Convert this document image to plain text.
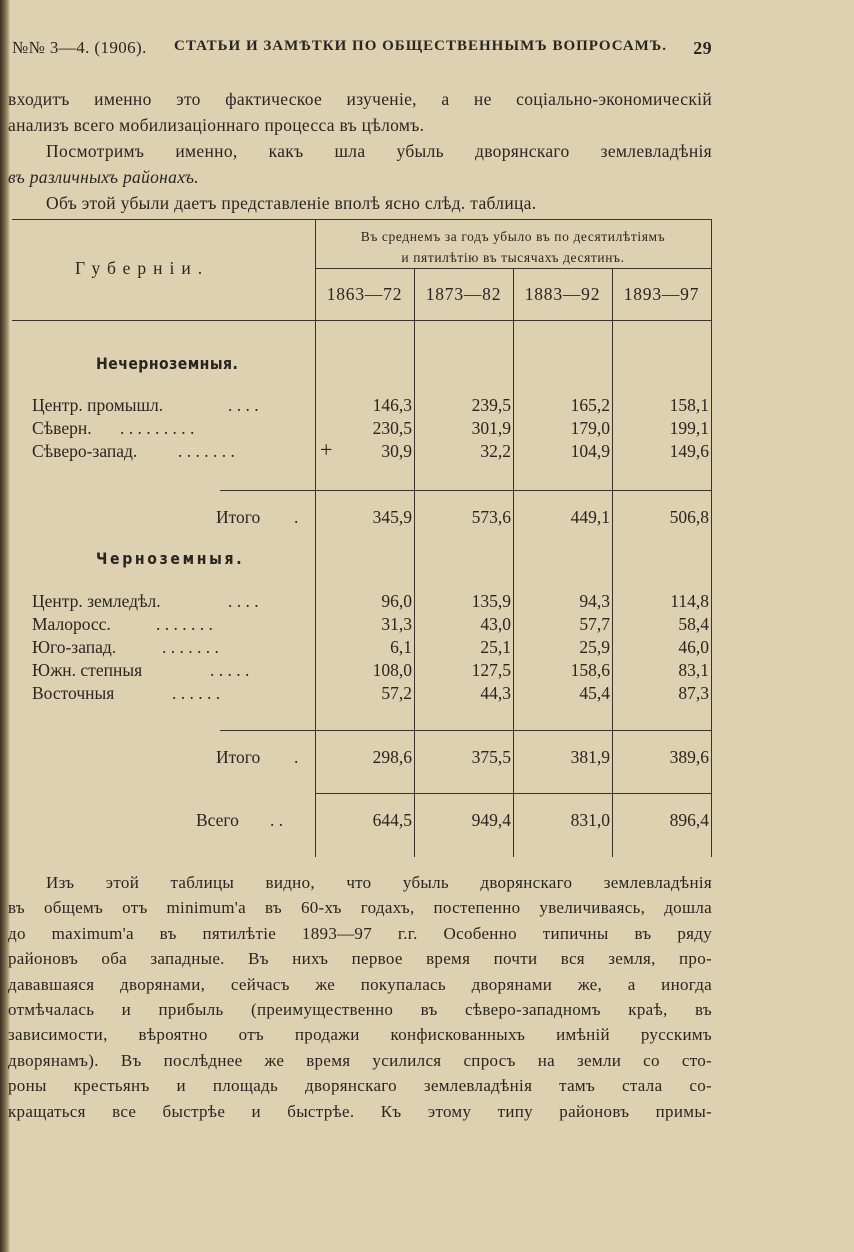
№№ 3—4. (1906). СТАТЬИ И ЗАМѢТКИ ПО ОБЩЕСТВЕННЫМЪ ВОПРОСАМЪ. 29
входитъ именно это фактическое изученіе, а не соціально-экономическій
анализъ всего мобилизаціоннаго процесса въ цѣломъ.
Посмотримъ именно, какъ шла убыль дворянскаго землевладѣнія
въ различныхъ районахъ.
Объ этой убыли даетъ представленіе вполѣ ясно слѣд. таблица.
Губерніи.
Въ среднемъ за годъ убыло въ по десятилѣтіямъ
и пятилѣтію въ тысячахъ десятинъ.
1863—72	1873—82	1883—92	1893—97
Нечерноземныя.
Центр. промышл.	. . . .	146,3	239,5	165,2	158,1
Сѣверн. . . . . . . . . .	230,5	301,9	179,0	199,1
Сѣверо-запад. . . . . . . .	+	30,9	32,2	104,9	149,6
Итого .	345,9	573,6	449,1	506,8
Черноземныя.
Центр. земледѣл.	. . . .	96,0	135,9	94,3	114,8
Малоросс.	. . . . . . .	31,3	43,0	57,7	58,4
Юго-запад.	. . . . . . .	6,1	25,1	25,9	46,0
Южн. степныя	. . . . .	108,0	127,5	158,6	83,1
Восточныя	. . . . . .	57,2	44,3	45,4	87,3
Итого .	298,6	375,5	381,9	389,6
Всего . .	644,5	949,4	831,0	896,4
Изъ этой таблицы видно, что убыль дворянскаго землевладѣнія
въ общемъ отъ minimum'а въ 60-хъ годахъ, постепенно увеличиваясь, дошла
до maximum'а въ пятилѣтіе 1893—97 г.г. Особенно типичны въ ряду
районовъ оба западные. Въ нихъ первое время почти вся земля, про-
дававшаяся дворянами, сейчасъ же покупалась дворянами же, а иногда
отмѣчалась и прибыль (преимущественно въ сѣверо-западномъ краѣ, въ
зависимости, вѣроятно отъ продажи конфискованныхъ имѣній русскимъ
дворянамъ). Въ послѣднее же время усилился спросъ на земли со сто-
роны крестьянъ и площадь дворянскаго землевладѣнія тамъ стала со-
кращаться все быстрѣе и быстрѣе. Къ этому типу районовъ примы-
